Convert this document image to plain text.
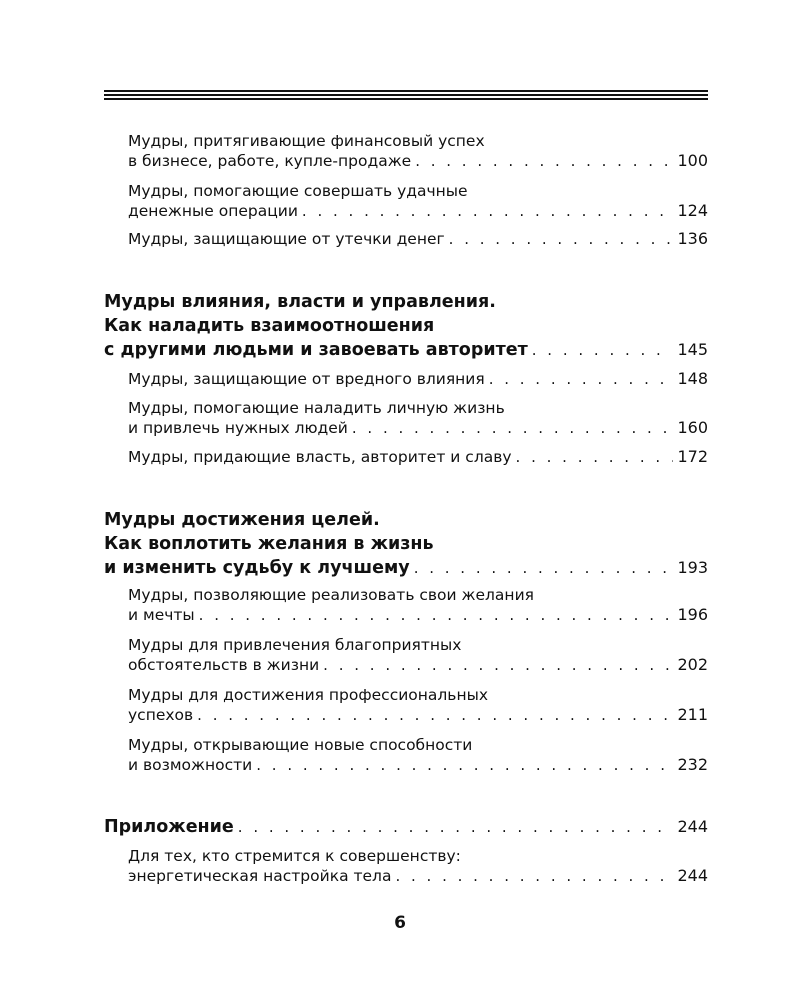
Мудры, притягивающие финансовый успех
в бизнесе, работе, купле-продаже . . .	100
Мудры, помогающие совершать удачные
денежные операции . . .	124
Мудры, защищающие от утечки денег . . .	136
Мудры влияния, власти и управления.
Как наладить взаимоотношения
с другими людьми и завоевать авторитет . . .	145
Мудры, защищающие от вредного влияния . . .	148
Мудры, помогающие наладить личную жизнь
и привлечь нужных людей . . .	160
Мудры, придающие власть, авторитет и славу . . .	172
Мудры достижения целей.
Как воплотить желания в жизнь
и изменить судьбу к лучшему . . .	193
Мудры, позволяющие реализовать свои желания
и мечты . . .	196
Мудры для привлечения благоприятных
обстоятельств в жизни . . .	202
Мудры для достижения профессиональных
успехов . . .	211
Мудры, открывающие новые способности
и возможности . . .	232
Приложение . . .	244
Для тех, кто стремится к совершенству:
энергетическая настройка тела . . .	244
6
